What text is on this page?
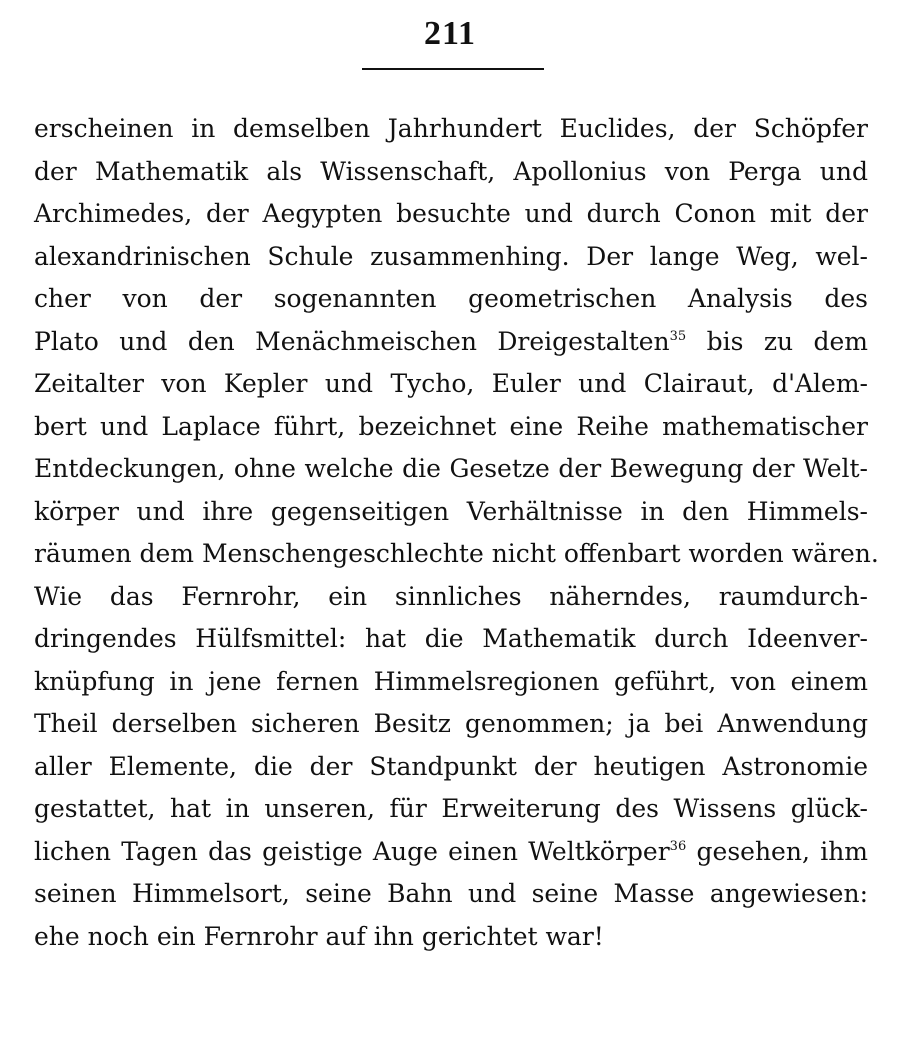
211
erscheinen in demselben Jahrhundert Euclides, der Schöpfer
der Mathematik als Wissenschaft, Apollonius von Perga und
Archimedes, der Aegypten besuchte und durch Conon mit der
alexandrinischen Schule zusammenhing. Der lange Weg, wel-
cher von der sogenannten geometrischen Analysis des
Plato und den Menächmeischen Dreigestalten$^{35}$ bis zu dem
Zeitalter von Kepler und Tycho, Euler und Clairaut, d'Alem-
bert und Laplace führt, bezeichnet eine Reihe mathematischer
Entdeckungen, ohne welche die Gesetze der Bewegung der Welt-
körper und ihre gegenseitigen Verhältnisse in den Himmels-
räumen dem Menschengeschlechte nicht offenbart worden wären.
Wie das Fernrohr, ein sinnliches näherndes, raumdurch-
dringendes Hülfsmittel: hat die Mathematik durch Ideenver-
knüpfung in jene fernen Himmelsregionen geführt, von einem
Theil derselben sicheren Besitz genommen; ja bei Anwendung
aller Elemente, die der Standpunkt der heutigen Astronomie
gestattet, hat in unseren, für Erweiterung des Wissens glück-
lichen Tagen das geistige Auge einen Weltkörper$^{36}$ gesehen, ihm
seinen Himmelsort, seine Bahn und seine Masse angewiesen:
ehe noch ein Fernrohr auf ihn gerichtet war!
